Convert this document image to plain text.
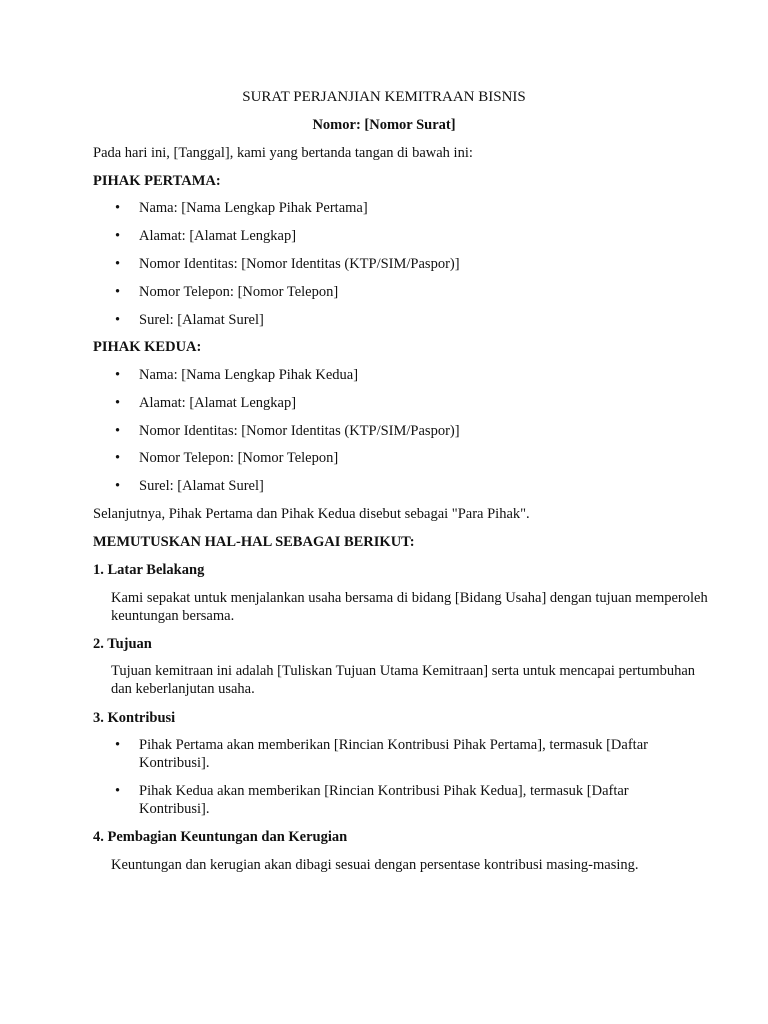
SURAT PERJANJIAN KEMITRAAN BISNIS
Nomor: [Nomor Surat]

Pada hari ini, [Tanggal], kami yang bertanda tangan di bawah ini:

PIHAK PERTAMA:

• Nama: [Nama Lengkap Pihak Pertama]
• Alamat: [Alamat Lengkap]
• Nomor Identitas: [Nomor Identitas (KTP/SIM/Paspor)]
• Nomor Telepon: [Nomor Telepon]
• Surel: [Alamat Surel]

PIHAK KEDUA:

• Nama: [Nama Lengkap Pihak Kedua]
• Alamat: [Alamat Lengkap]
• Nomor Identitas: [Nomor Identitas (KTP/SIM/Paspor)]
• Nomor Telepon: [Nomor Telepon]
• Surel: [Alamat Surel]

Selanjutnya, Pihak Pertama dan Pihak Kedua disebut sebagai "Para Pihak".

MEMUTUSKAN HAL-HAL SEBAGAI BERIKUT:

1. Latar Belakang

Kami sepakat untuk menjalankan usaha bersama di bidang [Bidang Usaha] dengan tujuan memperoleh keuntungan bersama.

2. Tujuan

Tujuan kemitraan ini adalah [Tuliskan Tujuan Utama Kemitraan] serta untuk mencapai pertumbuhan dan keberlanjutan usaha.

3. Kontribusi

• Pihak Pertama akan memberikan [Rincian Kontribusi Pihak Pertama], termasuk [Daftar Kontribusi].
• Pihak Kedua akan memberikan [Rincian Kontribusi Pihak Kedua], termasuk [Daftar Kontribusi].

4. Pembagian Keuntungan dan Kerugian

Keuntungan dan kerugian akan dibagi sesuai dengan persentase kontribusi masing-masing.
